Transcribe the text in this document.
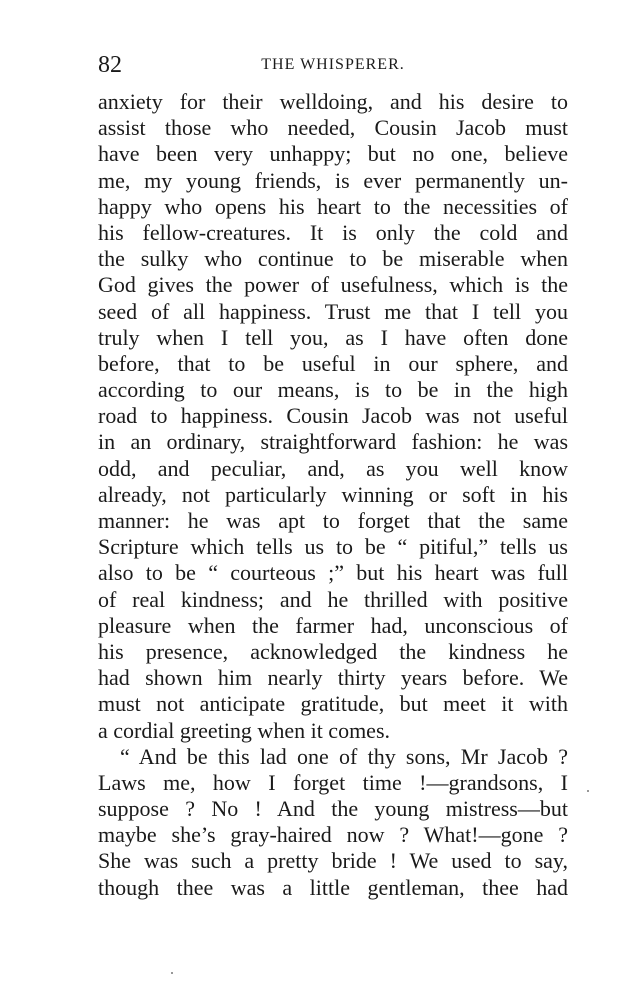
82	THE WHISPERER.
anxiety for their welldoing, and his desire to
assist those who needed, Cousin Jacob must
have been very unhappy; but no one, believe
me, my young friends, is ever permanently un-
happy who opens his heart to the necessities of
his fellow-creatures. It is only the cold and
the sulky who continue to be miserable when
God gives the power of usefulness, which is the
seed of all happiness. Trust me that I tell you
truly when I tell you, as I have often done
before, that to be useful in our sphere, and
according to our means, is to be in the high
road to happiness. Cousin Jacob was not useful
in an ordinary, straightforward fashion: he was
odd, and peculiar, and, as you well know
already, not particularly winning or soft in his
manner: he was apt to forget that the same
Scripture which tells us to be “ pitiful,” tells us
also to be “ courteous ;” but his heart was full
of real kindness; and he thrilled with positive
pleasure when the farmer had, unconscious of
his presence, acknowledged the kindness he
had shown him nearly thirty years before. We
must not anticipate gratitude, but meet it with
a cordial greeting when it comes.
“ And be this lad one of thy sons, Mr Jacob ?
Laws me, how I forget time !—grandsons, I
suppose ? No ! And the young mistress—but
maybe she’s gray-haired now ? What!—gone ?
She was such a pretty bride ! We used to say,
though thee was a little gentleman, thee had
